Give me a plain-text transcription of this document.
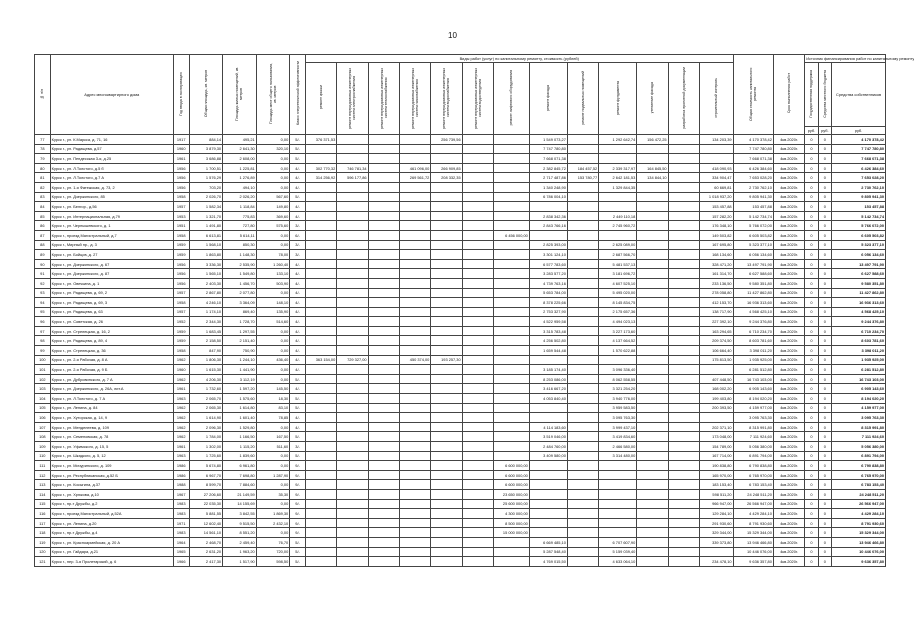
10
№ п/п	Адрес многоквартирного дома	Год ввода в эксплуатацию	Общая площадь, кв. метров	Площадь жилых помещений, кв. метров	Площадь мест общего пользования, кв. метров	Класс энергетической эффективности	Виды работ (услуг) по капитальному ремонту, стоимость (рублей)													Общая стоимость капитального ремонта	Срок выполнения работ	Источник финансирования работ по капитальному ремонту		
							ремонт крыши	ремонт внутридомовых инженерных систем электроснабжения	ремонт внутридомовых инженерных систем теплоснабжения	ремонт внутридомовых инженерных систем газоснабжения	ремонт внутридомовых инженерных систем водоснабжения	ремонт внутридомовых инженерных систем водоотведения	ремонт лифтового оборудования	ремонт фасада	ремонт подвальных помещений	ремонт фундамента	утепление фасада	разработка проектной документации	строительный контроль			Государственная поддержка	Средства местного бюджета	Средства собственников
																						руб.	руб.	руб.
77	Курск г., ул. К.Маркса, д. 71, 16	1917	884,14	495,21	0,00	5/-	376 371,53				256 739,56			1 549 073,27		1 292 642,74	156 472,25		134 203,39	4 170 378,42	4кв.2020г.	0	0	4 170 378,42
78	Курск г., ул. Радищева, д.57	1960	3 879,30	2 641,30	320,10	5/-								7 747 780,80						7 747 780,80	4кв.2020г.	0	0	7 747 780,80
79	Курск г., ул. Пендесская 3-я, д.25	1961	3 686,88	2 608,00	0,00	5/-								7 668 071,38						7 668 071,38	4кв.2020г.	0	0	7 668 071,38
80	Курск г., ул. Л.Толстого, д.5 б	1956	1 700,51	1 225,81	0,00	4/-	302 770,32	746 781,34		461 096,00	266 909,85			2 382 845,72	184 457,52	2 339 317,97	164 845,50		418 090,93	6 426 384,60	4кв.2020г.	0	0	6 426 384,60
81	Курск г., ул. Л.Толстого, д.7 А	1956	1 576,29	1 276,89	0,00	4/-	314 256,92	596 177,86		269 561,72	208 332,35			2 717 487,86	153 780,77	2 642 181,53	134 844,10		334 904,47	7 653 028,20	4кв.2020г.	0	0	7 653 028,20
82	Курск г., ул. 1-я Фатежская, д. 73, 2	1956	703,20	494,10	0,00	4/-								1 340 248,90		1 329 844,35			60 669,81	2 730 762,10	4кв.2020г.	0	0	2 730 762,10
83	Курск г., ул. Дзержинского, 85	1958	2 026,70	2 026,20	567,60	5/-								6 786 004,10					1 018 937,20	9 805 941,30	4кв.2020г.	0	0	9 805 941,30
84	Курск г., ул. Белгор., д.56	1957	1 582,34	1 118,84	149,80	4/-													153 457,88	153 457,88	4кв.2020г.	0	0	153 457,88
85	Курск г., ул. Интернациональная, д.79	1953	1 321,70	775,83	369,60	4/-								2 838 342,36		2 449 110,18			157 282,20	5 142 734,74	4кв.2020г.	0	0	5 142 734,74
86	Курск г., ул. Чернышевского, д. 1	1951	1 491,80	727,80	575,60	3/-								2 843 766,16		2 745 960,72			176 348,10	5 766 072,00	4кв.2020г.	0	0	5 766 072,00
87	Курск г., проезд Магистральный, д.7	1958	6 613,81	5 614,11	0,00	6/-							6 456 000,00						149 503,82	6 605 503,82	4кв.2020г.	0	0	6 605 503,82
88	Курск г., Мирный пр., д. 3	1959	1 568,10	850,30	0,00	3/-								2 825 393,00		2 625 089,00			167 695,80	5 323 377,10	4кв.2020г.	0	0	5 323 377,10
89	Курск г., ул. Бойцов, д. 27	1959	1 863,80	1 148,30	78,00	3/-								3 301 124,10		2 687 566,70			168 134,60	6 056 134,60	4кв.2020г.	0	0	6 056 134,60
90	Курск г., ул. Дзержинского, д. 67	1956	3 336,30	2 535,90	1 260,40	4/-								6 577 783,60		5 481 537,13			328 471,20	13 497 791,90	4кв.2020г.	0	0	13 497 791,90
91	Курск г., ул. Дзержинского, д. 87	1956	1 565,10	1 549,80	133,10	4/-								3 283 577,20		3 181 696,72			161 314,70	6 627 588,60	4кв.2020г.	0	0	6 627 588,60
92	Курск г., ул. Овечкина, д. 1	1956	2 403,30	1 456,70	503,90	4/-								4 739 763,16		4 607 525,10			233 136,50	9 580 351,80	4кв.2020г.	0	0	9 580 351,80
93	Курск г., ул. Радищева, д. 69, 2	1957	2 867,80	2 077,80	0,00	4/-								5 653 784,00		5 495 020,00			278 058,80	11 427 862,80	4кв.2020г.	0	0	11 427 862,80
94	Курск г., ул. Радищева, д. 69, 3	1958	4 246,10	3 364,09	148,10	4/-								8 378 225,66		8 145 834,75			412 153,70	16 936 313,60	4кв.2020г.	0	0	16 936 313,60
95	Курск г., ул. Радищева, д. 63	1957	1 174,10	869,40	135,90	4/-								2 753 327,90		2 175 657,36			138 717,90	4 568 425,10	4кв.2020г.	0	0	4 568 425,10
96	Курск г., ул. Советская, д. 26	1952	2 344,30	1 728,70	514,60	4/-								4 522 959,58		4 494 023,13			227 392,10	9 244 376,80	4кв.2020г.	0	0	9 244 376,80
97	Курск г., ул. Стрелецкая, д. 16, 2	1959	1 683,45	1 297,55	0,00	4/-								3 315 783,48		3 227 173,60			163 294,65	6 710 234,70	4кв.2020г.	0	0	6 710 234,70
98	Курск г., ул. Радищева, д. 89, 4	1959	2 158,50	2 151,40	0,00	4/-								4 256 502,80		4 137 664,52			209 374,50	8 603 781,60	4кв.2020г.	0	0	8 603 781,60
99	Курск г., ул. Стрелецкая, д. 36	1958	847,90	750,90	0,00	4/-								1 659 544,48		1 570 622,88			106 664,40	3 398 011,20	4кв.2020г.	0	0	3 398 011,20
100	Курск г., ул. 2-я Рабочая, д. 8 А	1962	1 806,30	1 244,10	436,40	4/-	363 154,00	729 327,00		450 374,00	193 257,30								175 813,50	1 935 925,00	4кв.2020г.	0	0	1 935 925,00
101	Курск г., ул. 2-я Рабочая, д. 9 Б	1960	1 615,30	1 441,90	0,00	4/-								3 185 174,40		3 096 336,40				6 281 512,80	4кв.2020г.	0	0	6 281 512,80
102	Курск г., ул. Дубровинского, д. 7 А	1962	4 206,30	3 112,19	0,00	5/-								8 253 086,00		8 062 558,55			407 448,50	16 743 103,00	4кв.2020г.	0	0	16 743 103,00
103	Курск г., ул. Дзержинского, д. 26А, лит.А	1961	1 732,60	1 597,20	145,50	4/-								3 416 667,20		3 321 254,20			168 002,20	6 905 143,60	4кв.2020г.	0	0	6 905 143,60
104	Курск г., ул. Л.Толстого, д. 7 А	1963	2 065,70	1 575,60	18,30	5/-								4 053 840,40		3 940 776,00			199 403,80	8 194 020,20	4кв.2020г.	0	0	8 194 020,20
105	Курск г., ул. Ленина, д. 84	1962	2 065,30	1 614,80	83,10	5/-										3 959 583,50			200 393,50	4 159 977,00	4кв.2020г.	0	0	4 159 977,00
106	Курск г., ул. Хуторская, д. 14, 9	1962	1 614,90	1 601,40	78,85	4/-										3 095 763,30				3 095 763,30	4кв.2020г.	0	0	3 095 763,30
107	Курск г., ул. Менделеева, д. 109	1962	2 096,30	1 529,80	0,00	4/-								4 114 183,60		3 999 437,10			202 371,10	8 315 991,80	4кв.2020г.	0	0	8 315 991,80
108	Курск г., ул. Семеновская, д. 78	1962	1 784,00	1 166,50	167,50	5/-								3 519 046,00		3 419 834,60			173 048,00	7 111 924,60	4кв.2020г.	0	0	7 111 924,60
109	Курск г., ул. Уфимского, д. 15, 5	1961	1 302,00	1 115,20	511,60	3/-								2 484 760,00		2 466 580,00			154 789,00	5 056 380,00	4кв.2020г.	0	0	5 056 380,00
110	Курск г., ул. Шкадкого, д. 5, 12	1963	1 725,60	1 839,60	0,00	5/-								3 409 580,00		3 314 480,00			167 714,00	6 891 794,00	4кв.2020г.	0	0	6 891 794,00
111	Курск г., ул. Мичуринского, д. 109	1986	5 674,80	6 961,80	0,00	9/-							6 600 000,00						190 838,80	6 790 838,80	4кв.2020г.	0	0	6 790 838,80
112	Курск г., ул. Республиканская, д.52 Б	1986	6 967,70	7 698,80	1 287,90	9/-							6 600 000,00						165 970,00	6 765 970,00	4кв.2020г.	0	0	6 765 970,00
113	Курск г., ул. Косыгина, д.37	1988	8 599,70	7 884,60	0,00	9/-							6 600 000,00						183 153,40	6 783 153,40	4кв.2020г.	0	0	6 783 153,40
114	Курск г., ул. Хрюкова, д.10	1967	27 206,60	21 149,59	35,30	9/-							23 650 000,00						598 511,20	24 248 511,20	4кв.2020г.	0	0	24 248 511,20
115	Курск г., пр-т Дружбы, д.2	1983	22 035,30	14 155,69	0,00	9/-							25 600 000,00						966 947,00	26 566 947,00	4кв.2020г.	0	0	26 566 947,00
116	Курск г., проезд Магистральный, д.52А	1983	5 881,55	3 842,55	1 869,30	9/-							4 300 000,00						129 284,10	4 429 284,10	4кв.2020г.	0	0	4 429 284,10
117	Курск г., ул. Ленина, д.20	1971	12 602,40	9 515,50	2 432,10	9/-							8 500 000,00						291 930,60	8 791 930,60	4кв.2020г.	0	0	8 791 930,60
118	Курск г., пр-т Дружбы, д.4	1983	14 561,10	8 551,20	0,00	9/-							15 000 000,00						329 344,00	15 329 344,00	4кв.2020г.	0	0	15 329 344,00
119	Курск г., ул. Красноармейская, д. 20 А	1964	2 468,70	2 459,40	76,70	5/-								6 669 485,10		6 707 607,90			339 373,80	13 946 466,80	4кв.2020г.	0	0	13 946 466,80
120	Курск г., ул. Гайдара, д.21	1965	2 631,20	1 963,20	720,00	5/-								5 287 548,40		5 159 039,40				10 446 076,00	4кв.2020г.	0	0	10 446 076,00
121	Курск г., пер. 3-я Пролетарский, д. 6	1966	2 417,30	1 517,90	598,50	5/-								4 769 015,50		4 633 064,10			234 478,10	9 636 357,80	4кв.2020г.	0	0	9 636 357,80
